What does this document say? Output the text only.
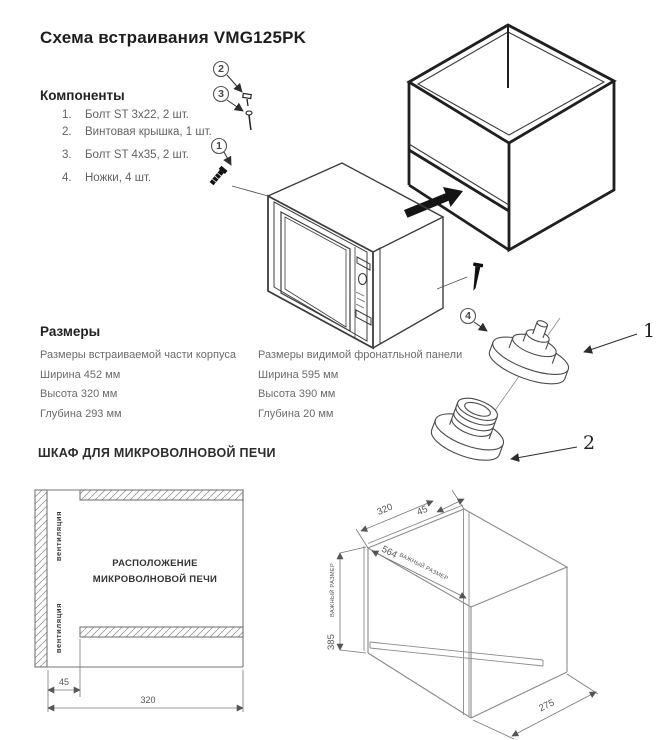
Схема встраивания VMG125PK
Компоненты
1.	Болт ST 3x22, 2 шт.
2.	Винтовая крышка, 1 шт.
3.	Болт ST 4x35, 2 шт.
4.	Ножки, 4 шт.
Размеры
Размеры встраиваемой части корпуса
Ширина 452 мм
Высота 320 мм
Глубина 293 мм
Размеры видимой фронатльной панели
Ширина 595 мм
Высота 390 мм
Глубина 20 мм
ШКАФ ДЛЯ МИКРОВОЛНОВОЙ ПЕЧИ
2
3
1
4
1
2
вентиляция
вентиляция
РАСПОЛОЖЕНИЕ
МИКРОВОЛНОВОЙ ПЕЧИ
45
320
320 45
564
ВАЖНЫЙ РАЗМЕР
385
ВАЖНЫЙ РАЗМЕР
275
